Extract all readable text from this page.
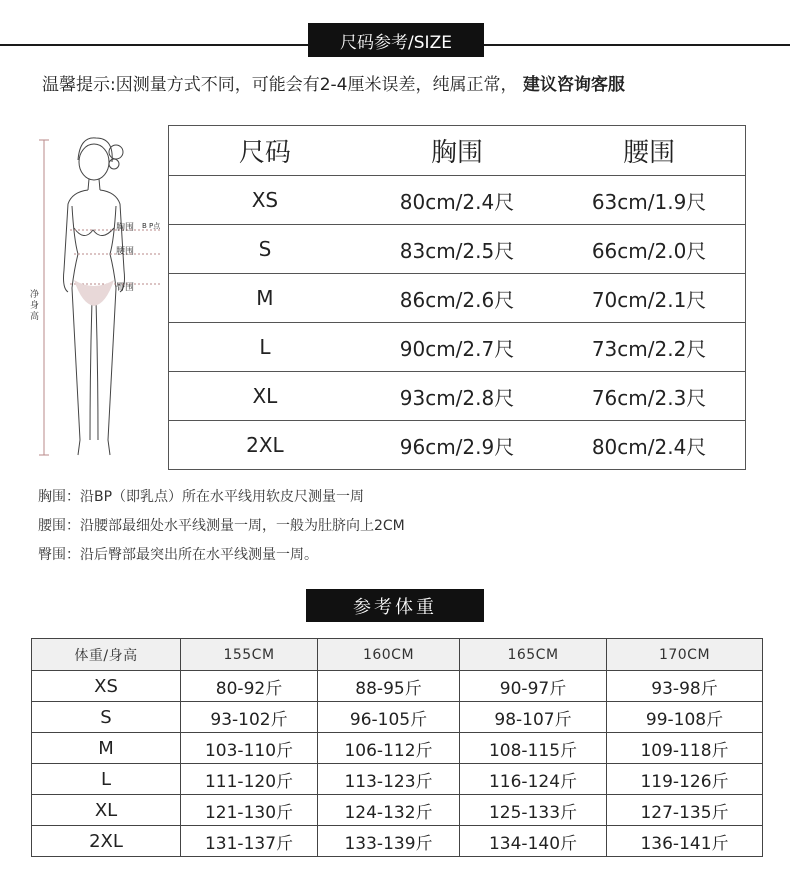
尺码参考/SIZE
温馨提示:因测量方式不同，可能会有2-4厘米误差，纯属正常， 建议咨询客服
胸围 B P点
腰围
臀围
净身高
尺码	胸围	腰围
XS	80cm/2.4尺	63cm/1.9尺
S	83cm/2.5尺	66cm/2.0尺
M	86cm/2.6尺	70cm/2.1尺
L	90cm/2.7尺	73cm/2.2尺
XL	93cm/2.8尺	76cm/2.3尺
2XL	96cm/2.9尺	80cm/2.4尺
胸围：沿BP（即乳点）所在水平线用软皮尺测量一周
腰围：沿腰部最细处水平线测量一周，一般为肚脐向上2CM
臀围：沿后臀部最突出所在水平线测量一周。
参考体重
体重/身高	155CM	160CM	165CM	170CM
XS	80-92斤	88-95斤	90-97斤	93-98斤
S	93-102斤	96-105斤	98-107斤	99-108斤
M	103-110斤	106-112斤	108-115斤	109-118斤
L	111-120斤	113-123斤	116-124斤	119-126斤
XL	121-130斤	124-132斤	125-133斤	127-135斤
2XL	131-137斤	133-139斤	134-140斤	136-141斤
